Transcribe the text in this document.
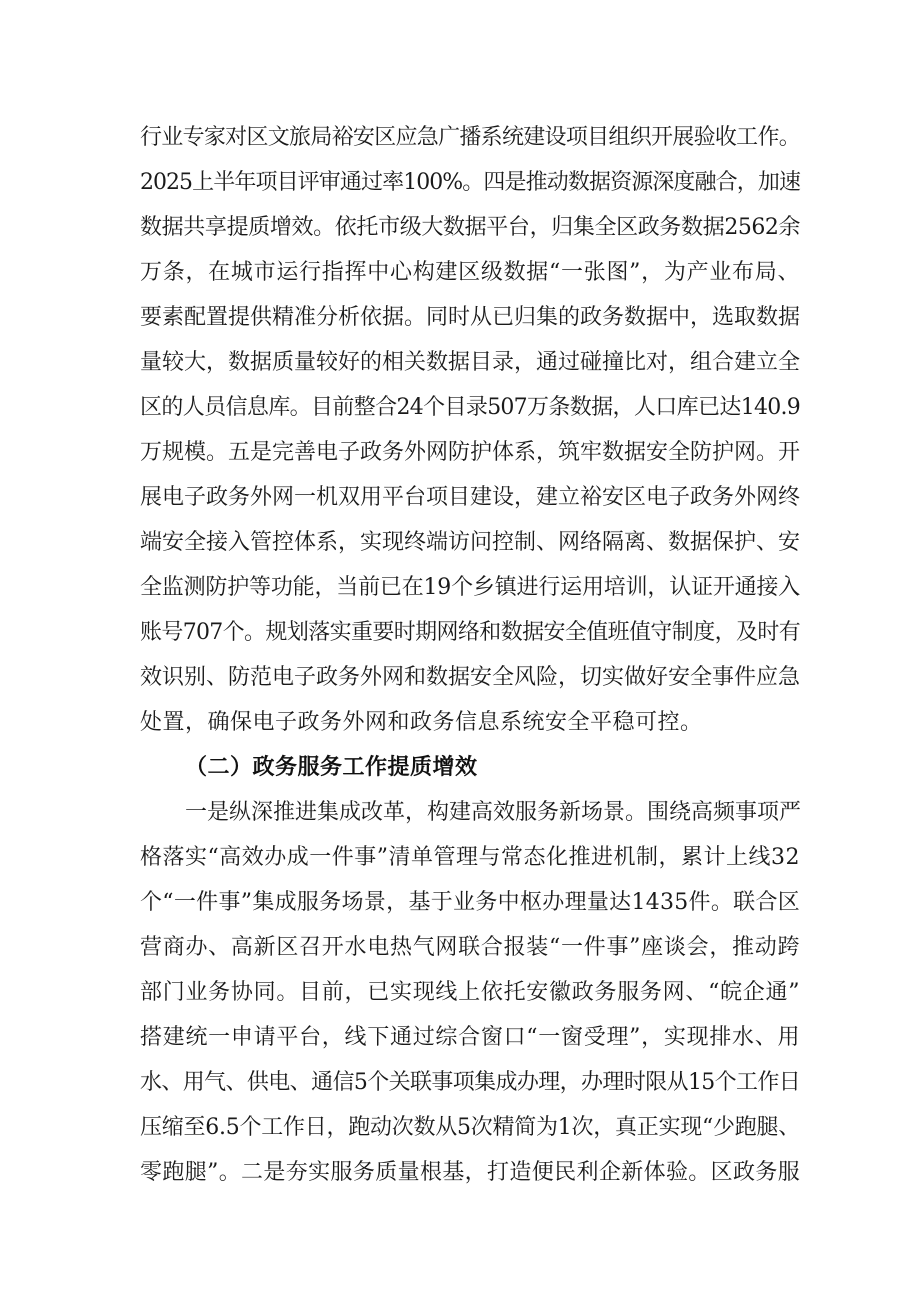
行业专家对区文旅局裕安区应急广播系统建设项目组织开展验收工作。
2025上半年项目评审通过率100%。四是推动数据资源深度融合，加速
数据共享提质增效。依托市级大数据平台，归集全区政务数据2562余
万条，在城市运行指挥中心构建区级数据“一张图”，为产业布局、
要素配置提供精准分析依据。同时从已归集的政务数据中，选取数据
量较大，数据质量较好的相关数据目录，通过碰撞比对，组合建立全
区的人员信息库。目前整合24个目录507万条数据，人口库已达140.9
万规模。五是完善电子政务外网防护体系，筑牢数据安全防护网。开
展电子政务外网一机双用平台项目建设，建立裕安区电子政务外网终
端安全接入管控体系，实现终端访问控制、网络隔离、数据保护、安
全监测防护等功能，当前已在19个乡镇进行运用培训，认证开通接入
账号707个。规划落实重要时期网络和数据安全值班值守制度，及时有
效识别、防范电子政务外网和数据安全风险，切实做好安全事件应急
处置，确保电子政务外网和政务信息系统安全平稳可控。
（二）政务服务工作提质增效
一是纵深推进集成改革，构建高效服务新场景。围绕高频事项严
格落实“高效办成一件事”清单管理与常态化推进机制，累计上线32
个“一件事”集成服务场景，基于业务中枢办理量达1435件。联合区
营商办、高新区召开水电热气网联合报装“一件事”座谈会，推动跨
部门业务协同。目前，已实现线上依托安徽政务服务网、“皖企通”
搭建统一申请平台，线下通过综合窗口“一窗受理”，实现排水、用
水、用气、供电、通信5个关联事项集成办理，办理时限从15个工作日
压缩至6.5个工作日，跑动次数从5次精简为1次，真正实现“少跑腿、
零跑腿”。二是夯实服务质量根基，打造便民利企新体验。区政务服
